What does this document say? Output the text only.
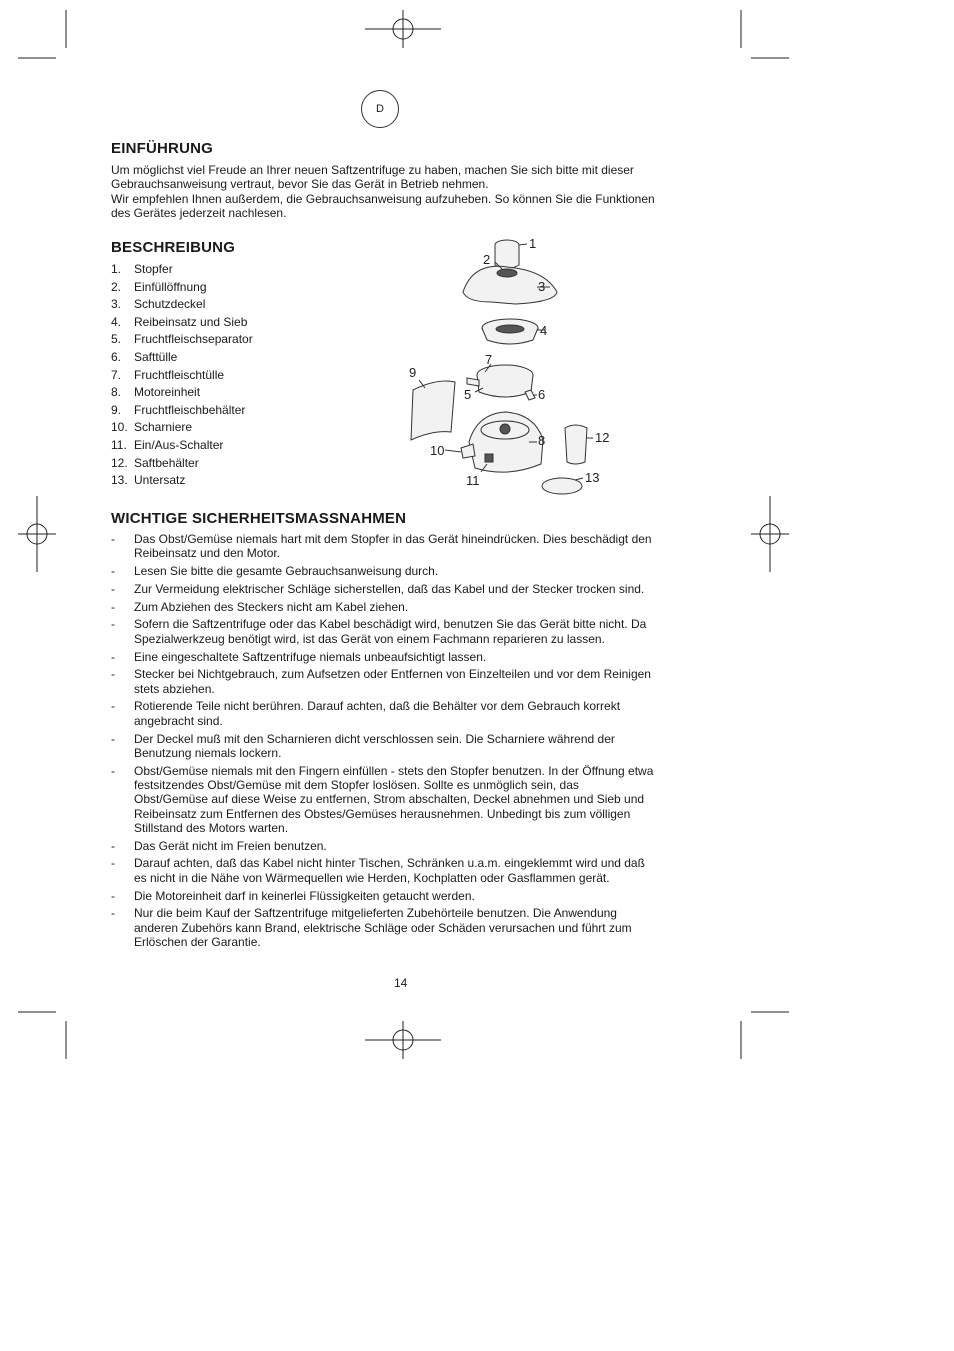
D
EINFÜHRUNG
Um möglichst viel Freude an Ihrer neuen Saftzentrifuge zu haben, machen Sie sich bitte mit dieser
Gebrauchsanweisung vertraut, bevor Sie das Gerät in Betrieb nehmen.
Wir empfehlen Ihnen außerdem, die Gebrauchsanweisung aufzuheben. So können Sie die Funktionen
des Gerätes jederzeit nachlesen.
BESCHREIBUNG
1.	Stopfer
2.	Einfüllöffnung
3.	Schutzdeckel
4.	Reibeinsatz und Sieb
5.	Fruchtfleischseparator
6.	Safttülle
7.	Fruchtfleischtülle
8.	Motoreinheit
9.	Fruchtfleischbehälter
10. Scharniere
11. Ein/Aus-Schalter
12. Saftbehälter
13. Untersatz
1
2
3
4
7
9
5	6
8	12
10
11	13
WICHTIGE SICHERHEITSMASSNAHMEN
-	Das Obst/Gemüse niemals hart mit dem Stopfer in das Gerät hineindrücken. Dies beschädigt den
Reibeinsatz und den Motor.
-	Lesen Sie bitte die gesamte Gebrauchsanweisung durch.
-	Zur Vermeidung elektrischer Schläge sicherstellen, daß das Kabel und der Stecker trocken sind.
-	Zum Abziehen des Steckers nicht am Kabel ziehen.
-	Sofern die Saftzentrifuge oder das Kabel beschädigt wird, benutzen Sie das Gerät bitte nicht. Da
Spezialwerkzeug benötigt wird, ist das Gerät von einem Fachmann reparieren zu lassen.
-	Eine eingeschaltete Saftzentrifuge niemals unbeaufsichtigt lassen.
-	Stecker bei Nichtgebrauch, zum Aufsetzen oder Entfernen von Einzelteilen und vor dem Reinigen
stets abziehen.
-	Rotierende Teile nicht berühren. Darauf achten, daß die Behälter vor dem Gebrauch korrekt
angebracht sind.
-	Der Deckel muß mit den Scharnieren dicht verschlossen sein. Die Scharniere während der
Benutzung niemals lockern.
-	Obst/Gemüse niemals mit den Fingern einfüllen - stets den Stopfer benutzen. In der Öffnung etwa
festsitzendes Obst/Gemüse mit dem Stopfer loslösen. Sollte es unmöglich sein, das
Obst/Gemüse auf diese Weise zu entfernen, Strom abschalten, Deckel abnehmen und Sieb und
Reibeinsatz zum Entfernen des Obstes/Gemüses herausnehmen. Unbedingt bis zum völligen
Stillstand des Motors warten.
-	Das Gerät nicht im Freien benutzen.
-	Darauf achten, daß das Kabel nicht hinter Tischen, Schränken u.a.m. eingeklemmt wird und daß
es nicht in die Nähe von Wärmequellen wie Herden, Kochplatten oder Gasflammen gerät.
-	Die Motoreinheit darf in keinerlei Flüssigkeiten getaucht werden.
-	Nur die beim Kauf der Saftzentrifuge mitgelieferten Zubehörteile benutzen. Die Anwendung
anderen Zubehörs kann Brand, elektrische Schläge oder Schäden verursachen und führt zum
Erlöschen der Garantie.
14
